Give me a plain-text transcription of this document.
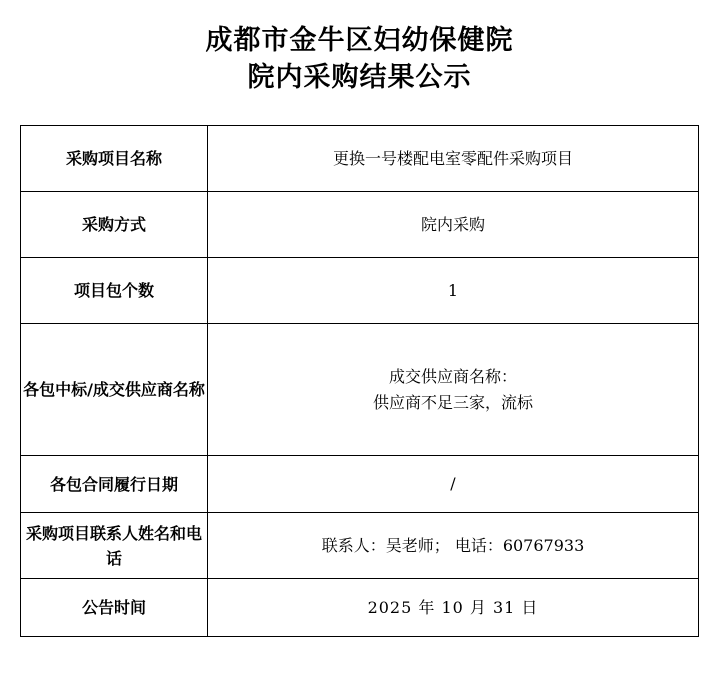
成都市金牛区妇幼保健院
院内采购结果公示
采购项目名称	更换一号楼配电室零配件采购项目
采购方式	院内采购
项目包个数	1
各包中标/成交供应商名称	成交供应商名称：
供应商不足三家，流标

各包合同履行日期	/
采购项目联系人姓名和电话	联系人：吴老师； 电话：60767933
公告时间	2025 年 10 月 31 日
